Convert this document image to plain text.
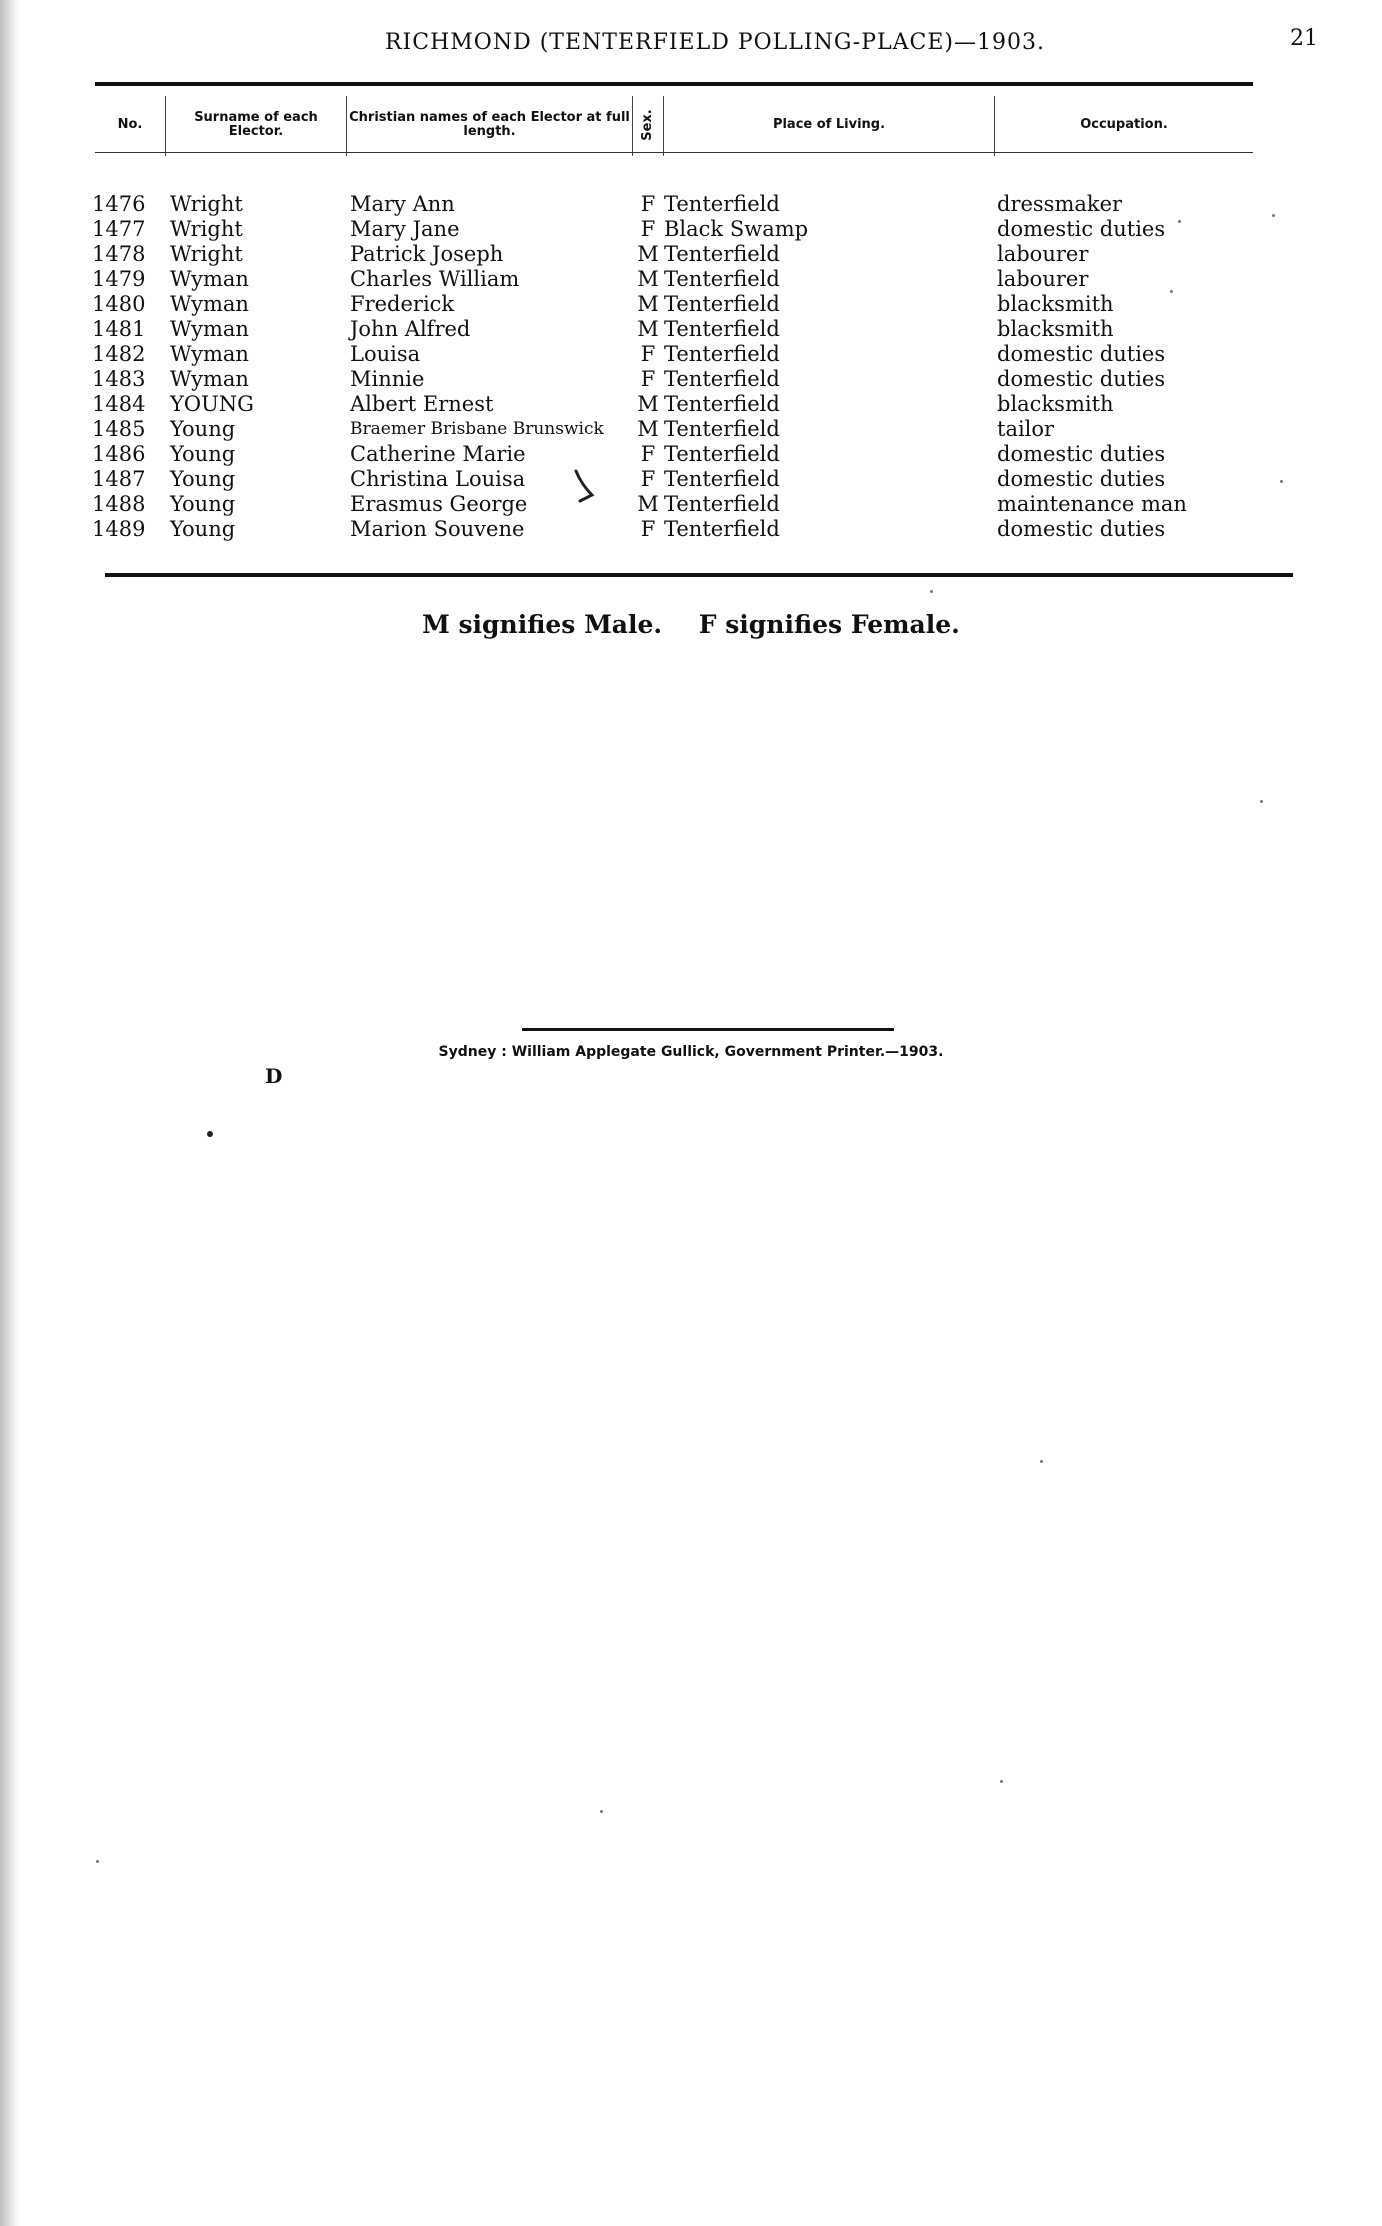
RICHMOND (TENTERFIELD POLLING-PLACE)—1903.	21
No.	Surname of each Elector.
Christian names of each Elector at full length.	Sex.	Place of Living.	Occupation.
1476 Wright	Mary Ann	F Tenterfield	dressmaker
1477 Wright	Mary Jane	F Black Swamp	domestic duties
1478 Wright	Patrick Joseph	M Tenterfield	labourer
1479 Wyman	Charles William	M Tenterfield	labourer
1480 Wyman	Frederick	M Tenterfield	blacksmith
1481 Wyman	John Alfred	M Tenterfield	blacksmith
1482 Wyman	Louisa	F Tenterfield	domestic duties
1483 Wyman	Minnie	F Tenterfield	domestic duties
1484 YOUNG	Albert Ernest	M Tenterfield	blacksmith
1485 Young	Braemer Brisbane Brunswick M Tenterfield	tailor
1486 Young	Catherine Marie	F Tenterfield	domestic duties
1487 Young	Christina Louisa	F Tenterfield	domestic duties
1488 Young	Erasmus George	M Tenterfield	maintenance man
1489 Young	Marion Souvene	F Tenterfield	domestic duties
M signifies Male. F signifies Female.
Sydney : William Applegate Gullick, Government Printer.—1903.
D
